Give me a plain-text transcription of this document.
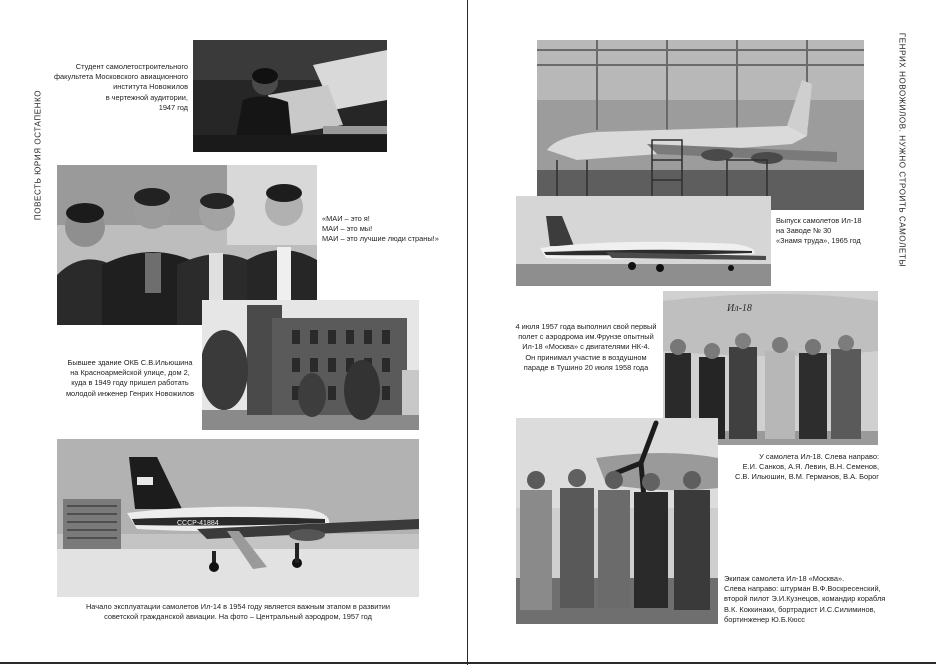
ПОВЕСТЬ ЮРИЯ ОСТАПЕНКО
Студент самолетостроительного
факультета Московского авиационного
института Новожилов
в чертежной аудитории,
1947 год
«МАИ – это я!
МАИ – это мы!
МАИ – это лучшие люди страны!»
Бывшее здание ОКБ С.В.Ильюшина
на Красноармейской улице, дом 2,
куда в 1949 году пришел работать
молодой инженер Генрих Новожилов
СССР-41884
Начало эксплуатации самолетов Ил-14 в 1954 году является важным этапом в развитии
советской гражданской авиации. На фото – Центральный аэродром, 1957 год
ГЕНРИХ НОВОЖИЛОВ. НУЖНО СТРОИТЬ САМОЛЕТЫ
Выпуск самолетов Ил-18
на Заводе № 30
«Знамя труда», 1965 год
4 июля 1957 года выполнил свой первый
полет с аэродрома им.Фрунзе опытный
Ил-18 «Москва» с двигателями НК-4.
Он принимал участие в воздушном
параде в Тушино 20 июля 1958 года
Ил-18
У самолета Ил-18. Слева направо:
Е.И. Санков, А.Я. Левин, В.Н. Семенов,
С.В. Ильюшин, В.М. Германов, В.А. Борог
Экипаж самолета Ил-18 «Москва».
Слева направо: штурман В.Ф.Воскресенский,
второй пилот Э.И.Кузнецов, командир корабля
В.К. Коккинаки, бортрадист И.С.Силиминов,
бортинженер Ю.Б.Кюсс
